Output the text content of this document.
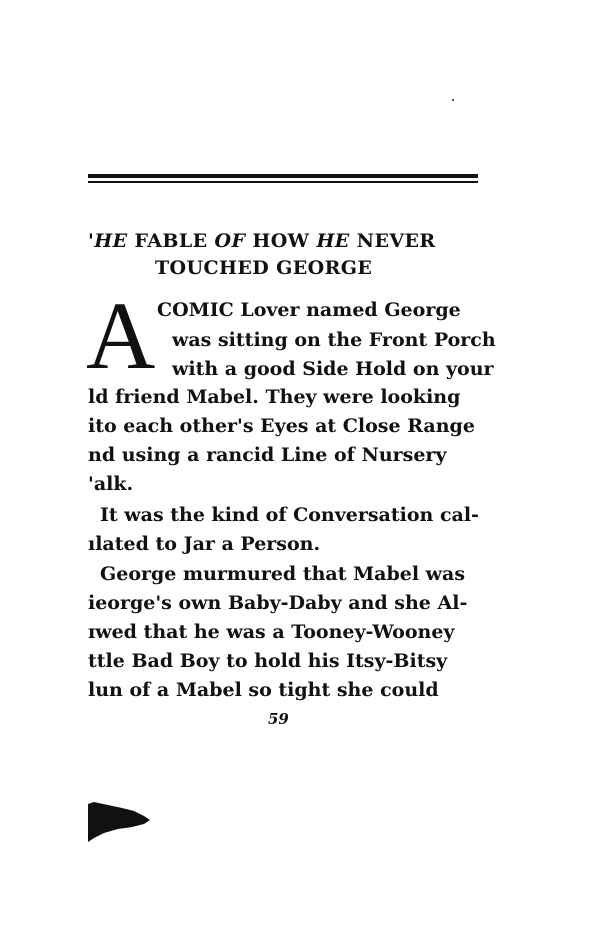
'HE FABLE OF HOW HE NEVER
TOUCHED GEORGE
A COMIC Lover named George
was sitting on the Front Porch
with a good Side Hold on your
ld friend Mabel. They were looking
ito each other's Eyes at Close Range
nd using a rancid Line of Nursery
'alk.
It was the kind of Conversation cal-
ılated to Jar a Person.
George murmured that Mabel was
ieorge's own Baby-Daby and she Al-
ɪwed that he was a Tooney-Wooney
ttle Bad Boy to hold his Itsy-Bitsy
lun of a Mabel so tight she could
59
